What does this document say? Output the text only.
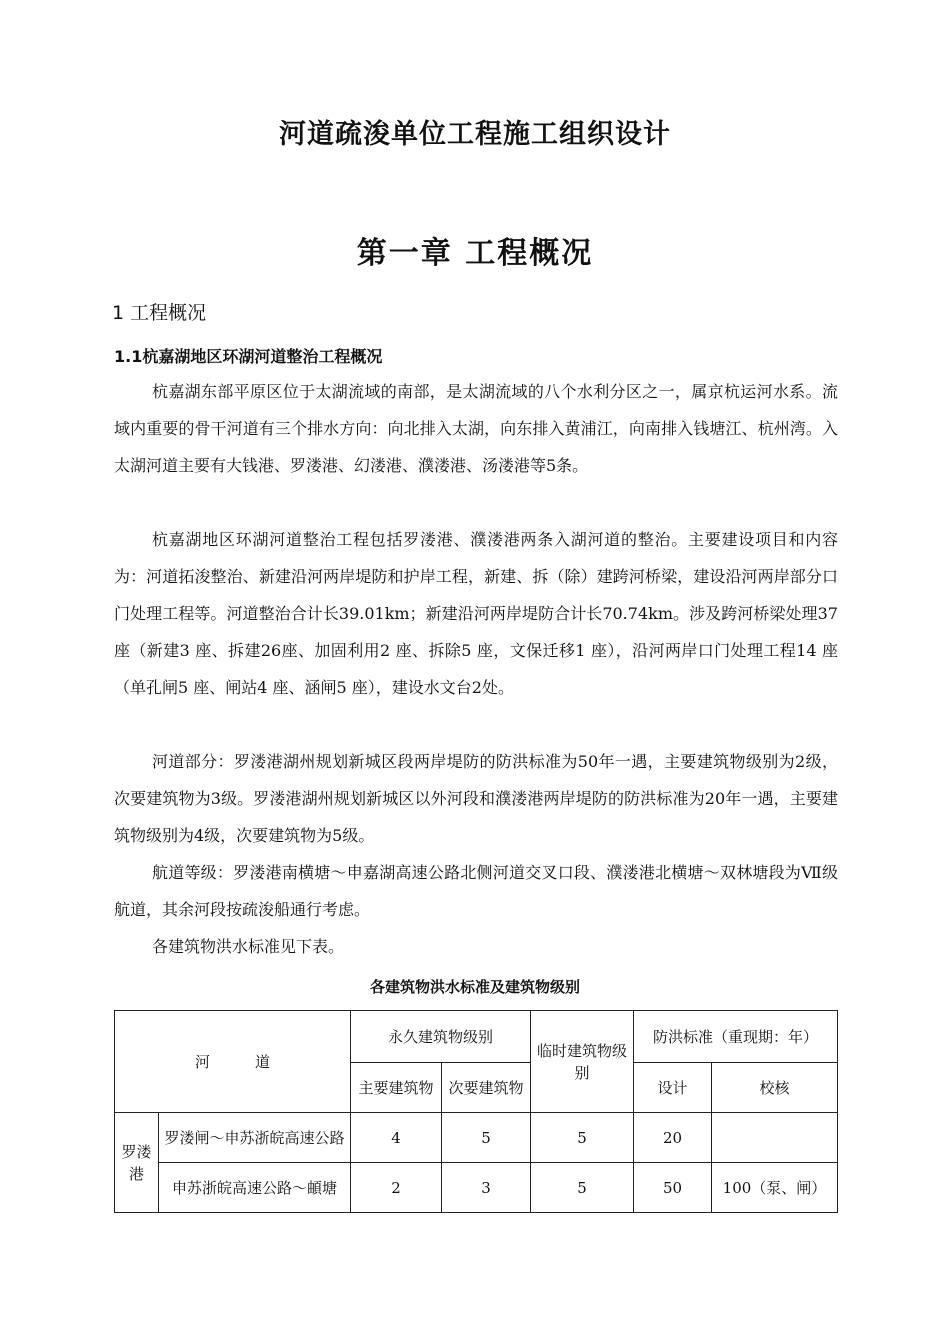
河道疏浚单位工程施工组织设计
第一章 工程概况
1 工程概况
1.1杭嘉湖地区环湖河道整治工程概况

杭嘉湖东部平原区位于太湖流域的南部，是太湖流域的八个水利分区之一，属京杭运河水系。流域内重要的骨干河道有三个排水方向：向北排入太湖，向东排入黄浦江，向南排入钱塘江、杭州湾。入太湖河道主要有大钱港、罗溇港、幻溇港、濮溇港、汤溇港等5条。

杭嘉湖地区环湖河道整治工程包括罗溇港、濮溇港两条入湖河道的整治。主要建设项目和内容为：河道拓浚整治、新建沿河两岸堤防和护岸工程，新建、拆（除）建跨河桥梁，建设沿河两岸部分口门处理工程等。河道整治合计长39.01km；新建沿河两岸堤防合计长70.74km。涉及跨河桥梁处理37 座（新建3 座、拆建26座、加固利用2 座、拆除5 座，文保迁移1 座），沿河两岸口门处理工程14 座（单孔闸5 座、闸站4 座、涵闸5 座），建设水文台2处。

河道部分：罗溇港湖州规划新城区段两岸堤防的防洪标准为50年一遇，主要建筑物级别为2级，次要建筑物为3级。罗溇港湖州规划新城区以外河段和濮溇港两岸堤防的防洪标准为20年一遇，主要建筑物级别为4级，次要建筑物为5级。

航道等级：罗溇港南横塘～申嘉湖高速公路北侧河道交叉口段、濮溇港北横塘～双林塘段为Ⅶ级航道，其余河段按疏浚船通行考虑。

各建筑物洪水标准见下表。

各建筑物洪水标准及建筑物级别
河　　　道		永久建筑物级别		临时建筑物级别	防洪标准（重现期：年）	
		主要建筑物	次要建筑物		设计	校核
罗溇港	罗溇闸～申苏浙皖高速公路	4	5	5	20	
	申苏浙皖高速公路～頔塘	2	3	5	50	100（泵、闸）
